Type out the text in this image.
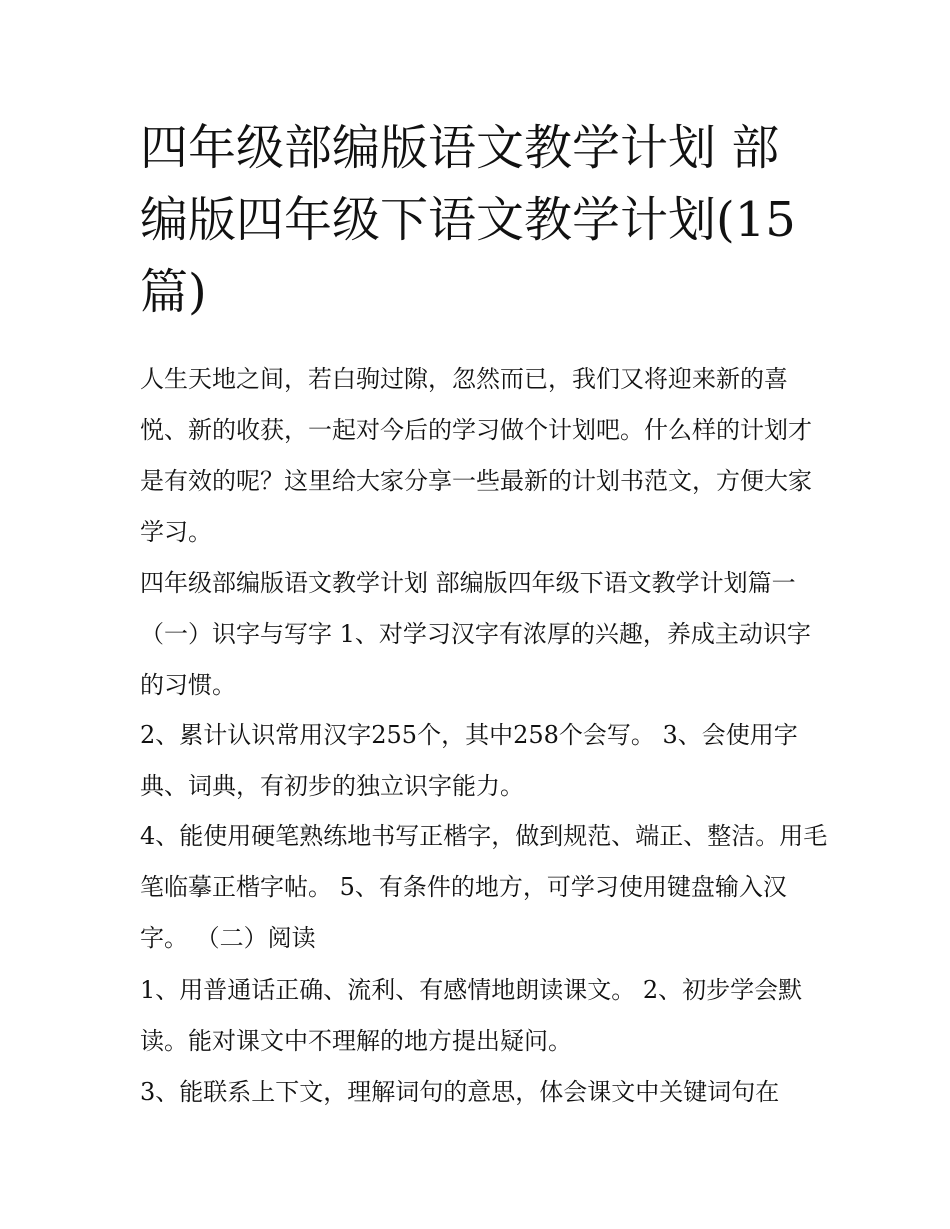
四年级部编版语文教学计划 部编版四年级下语文教学计划(15篇)

人生天地之间，若白驹过隙，忽然而已，我们又将迎来新的喜悦、新的收获，一起对今后的学习做个计划吧。什么样的计划才是有效的呢？这里给大家分享一些最新的计划书范文，方便大家学习。

四年级部编版语文教学计划 部编版四年级下语文教学计划篇一 （一）识字与写字 1、对学习汉字有浓厚的兴趣，养成主动识字的习惯。

2、累计认识常用汉字255个，其中258个会写。 3、会使用字典、词典，有初步的独立识字能力。

4、能使用硬笔熟练地书写正楷字，做到规范、端正、整洁。用毛笔临摹正楷字帖。 5、有条件的地方，可学习使用键盘输入汉字。 （二）阅读

1、用普通话正确、流利、有感情地朗读课文。 2、初步学会默读。能对课文中不理解的地方提出疑问。

3、能联系上下文，理解词句的意思，体会课文中关键词句在
